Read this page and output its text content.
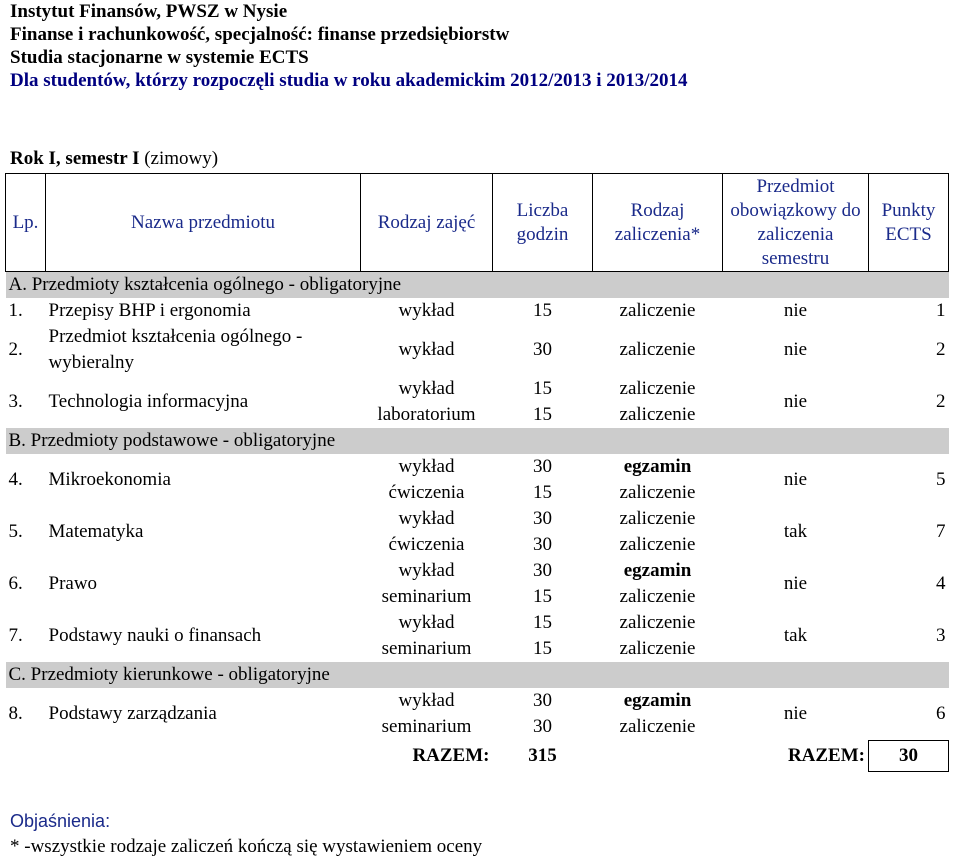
Instytut Finansów, PWSZ w Nysie
Finanse i rachunkowość, specjalność: finanse przedsiębiorstw
Studia stacjonarne w systemie ECTS
Dla studentów, którzy rozpoczęli studia w roku akademickim 2012/2013 i 2013/2014
Rok I, semestr I (zimowy)
Lp.	Nazwa przedmiotu	Rodzaj zajęć	Liczba godzin	Rodzaj zaliczenia*	Przedmiot obowiązkowy do zaliczenia semestru	Punkty ECTS
A. Przedmioty kształcenia ogólnego - obligatoryjne						
1.	Przepisy BHP i ergonomia	wykład	15	zaliczenie	nie	1
2.	Przedmiot kształcenia ogólnego - wybieralny	wykład	30	zaliczenie	nie	2
3.	Technologia informacyjna	wykład	15	zaliczenie	nie	2
		laboratorium	15	zaliczenie		
B. Przedmioty podstawowe - obligatoryjne						
4.	Mikroekonomia	wykład	30	egzamin	nie	5
		ćwiczenia	15	zaliczenie		
5.	Matematyka	wykład	30	zaliczenie	tak	7
		ćwiczenia	30	zaliczenie		
6.	Prawo	wykład	30	egzamin	nie	4
		seminarium	15	zaliczenie		
7.	Podstawy nauki o finansach	wykład	15	zaliczenie	tak	3
		seminarium	15	zaliczenie		
C. Przedmioty kierunkowe - obligatoryjne						
8.	Podstawy zarządzania	wykład	30	egzamin	nie	6
		seminarium	30	zaliczenie		
		RAZEM:	315		RAZEM:	30
Objaśnienia:
* -wszystkie rodzaje zaliczeń kończą się wystawieniem oceny
